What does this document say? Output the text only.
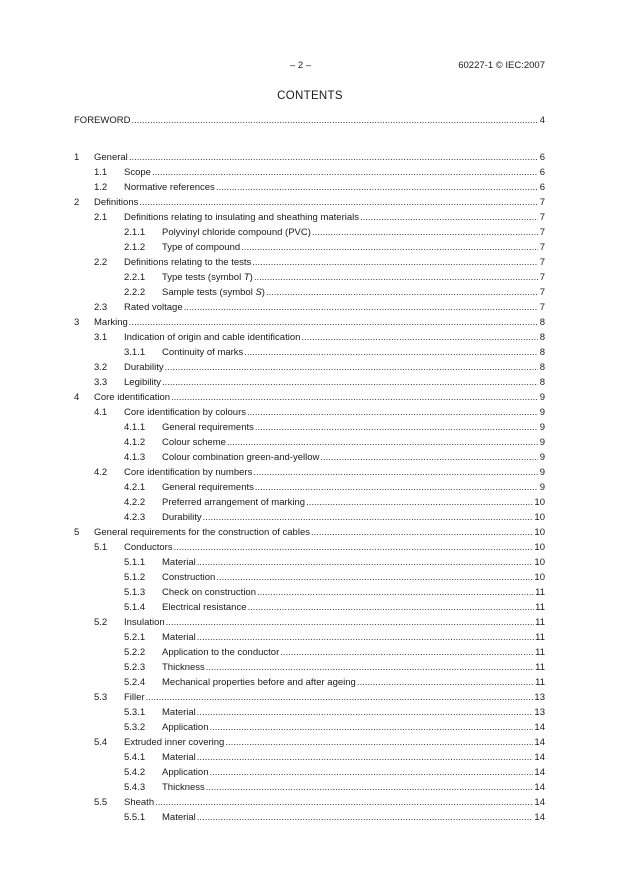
– 2 –	60227-1 © IEC:2007
CONTENTS
FOREWORD .....	4
1 General .....	6
1.1 Scope .....	6
1.2 Normative references .....	6
2 Definitions .....	7
2.1 Definitions relating to insulating and sheathing materials .....	7
2.1.1 Polyvinyl chloride compound (PVC) .....	7
2.1.2 Type of compound .....	7
2.2 Definitions relating to the tests .....	7
2.2.1 Type tests (symbol T) .....	7
2.2.2 Sample tests (symbol S) .....	7
2.3 Rated voltage .....	7
3 Marking .....	8
3.1 Indication of origin and cable identification .....	8
3.1.1 Continuity of marks .....	8
3.2 Durability .....	8
3.3 Legibility .....	8
4 Core identification .....	9
4.1 Core identification by colours .....	9
4.1.1 General requirements .....	9
4.1.2 Colour scheme .....	9
4.1.3 Colour combination green-and-yellow .....	9
4.2 Core identification by numbers .....	9
4.2.1 General requirements .....	9
4.2.2 Preferred arrangement of marking .....	10
4.2.3 Durability .....	10
5 General requirements for the construction of cables .....	10
5.1 Conductors .....	10
5.1.1 Material .....	10
5.1.2 Construction .....	10
5.1.3 Check on construction .....	11
5.1.4 Electrical resistance .....	11
5.2 Insulation .....	11
5.2.1 Material .....	11
5.2.2 Application to the conductor .....	11
5.2.3 Thickness .....	11
5.2.4 Mechanical properties before and after ageing .....	11
5.3 Filler .....	13
5.3.1 Material .....	13
5.3.2 Application .....	14
5.4 Extruded inner covering .....	14
5.4.1 Material .....	14
5.4.2 Application .....	14
5.4.3 Thickness .....	14
5.5 Sheath .....	14
5.5.1 Material .....	14
